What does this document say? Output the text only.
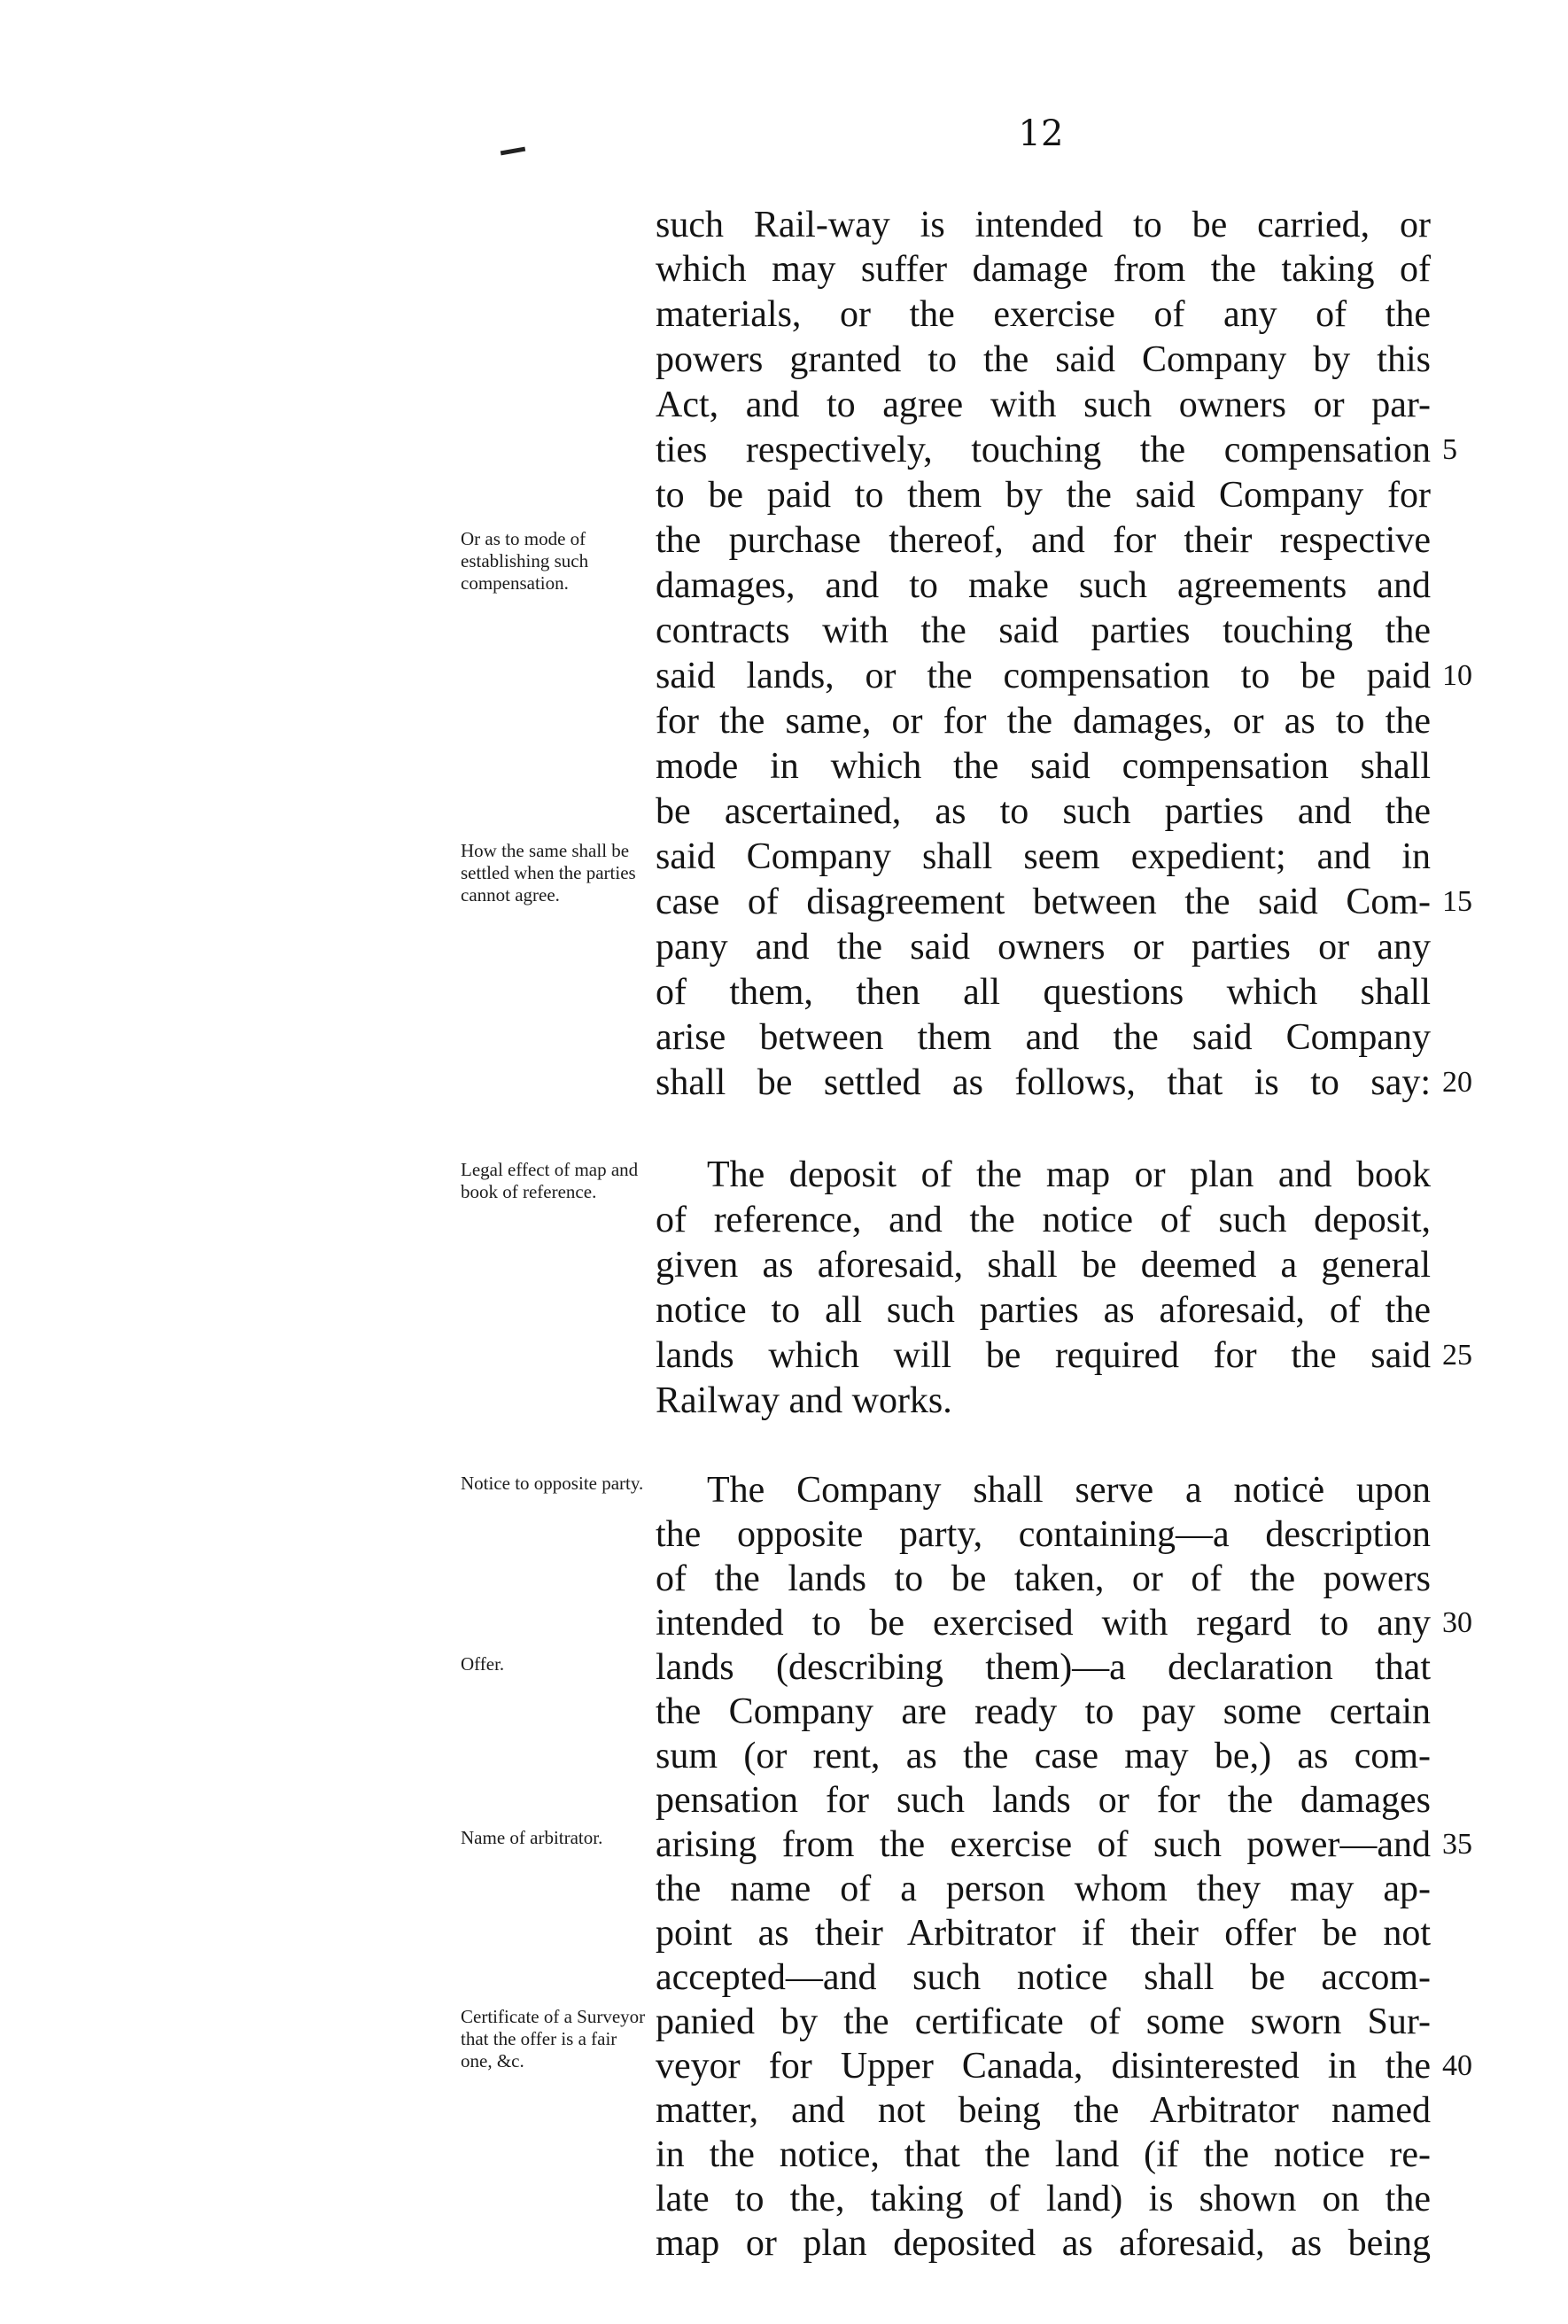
12
such Rail-way is intended to be carried, or
which may suffer damage from the taking of
materials, or the exercise of any of the
powers granted to the said Company by this
Act, and to agree with such owners or par-
ties respectively, touching the compensation
to be paid to them by the said Company for
the purchase thereof, and for their respective
damages, and to make such agreements and
contracts with the said parties touching the
said lands, or the compensation to be paid
for the same, or for the damages, or as to the
mode in which the said compensation shall
be ascertained, as to such parties and the
said Company shall seem expedient; and in
case of disagreement between the said Com-
pany and the said owners or parties or any
of them, then all questions which shall
arise between them and the said Company
shall be settled as follows, that is to say:
The deposit of the map or plan and book
of reference, and the notice of such deposit,
given as aforesaid, shall be deemed a general
notice to all such parties as aforesaid, of the
lands which will be required for the said
Railway and works.
The Company shall serve a noticė upon
the opposite party, containing—a description
of the lands to be taken, or of the powers
intended to be exercised with regard to any
lands (describing them)—a declaration that
the Company are ready to pay some certain
sum (or rent, as the case may be,) as com-
pensation for such lands or for the damages
arising from the exercise of such power—and
the name of a person whom they may ap-
point as their Arbitrator if their offer be not
accepted—and such notice shall be accom-
panied by the certificate of some sworn Sur-
veyor for Upper Canada, disinterested in the
matter, and not being the Arbitrator named
in the notice, that the land (if the notice re-
late to the, taking of land) is shown on the
map or plan deposited as aforesaid, as being
Or as to mode of establishing such compensation.
How the same shall be settled when the parties cannot agree.
Legal effect of map and book of reference.
Notice to opposite party.
Offer.
Name of arbitrator.
Certificate of a Surveyor that the offer is a fair one, &c.
5
10
15
20
25
30
35
40
